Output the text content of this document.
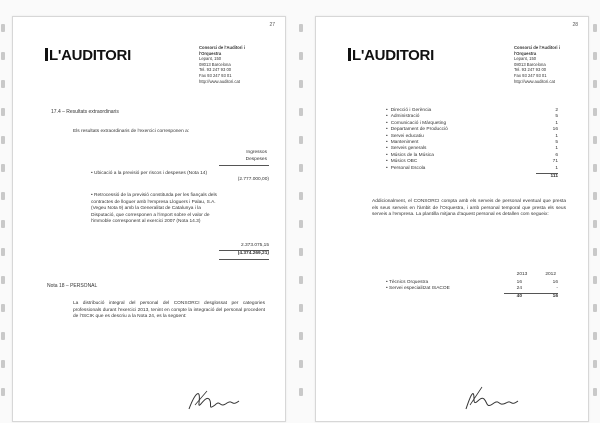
27
L'AUDITORI	Consorci de l'Auditori i
l'Orquestra
Lepant, 150
08013 Barcelona
Tel. 93 247 93 00
Fax 93 247 93 01
http://www.auditori.cat
17.4 – Resultats extraordinaris
Els resultats extraordinaris de l'exercici corresponen a:
Ingressos
Despeses
• Ubicació a la previsió per riscos i despeses (Nota 14)
(2.777.000,00)
• Retrocessió de la previsió constituïda per les fiançals dels contractes de lloguer amb l'empresa Lloguers i Palau, S.A. (Vegeu Nota 9) amb la Generalitat de Catalunya i la Disputació, que corresponen a l'import sobre el valor de l'immoble corresponent al exercici 2007 (Nota 14.3)
2.373.075,15
(4.374.269,21)
Nota 18 – PERSONAL
La distribució integral del personal del CONSORCI desglossat per categories professionals durant l'exercici 2013, tenint en compte la integració del personal procedent de l'ISCIK que es descriu a la Nota 24, es la següent:
28
L'AUDITORI	Consorci de l'Auditori i
l'Orquestra
Lepant, 150
08013 Barcelona
Tel. 93 247 93 00
Fax 93 247 93 01
http://www.auditori.cat
• Direcció i Gerència	2
• Administració	5
• Comunicació i Màrqueting	1
• Departament de Producció	16
• Servei educatiu	1
• Manteniment	5
• Serveis generals	1
• Músics de la Música	6
• Músics OBC	71
• Personal Escola	1
111
Addicionalment, el CONSORCI compta amb els serveis de personal eventual que presta els seus serveis en l'àmbit de l'Orquestra, i amb personal temporal que presta els seus serveis a l'empresa. La plantilla mitjana d'aquest personal es detallen com segueix:
2013	2012
• Tècnics Orquestra	16	16
• Servei especialitzat ISACOE	24	-
40	16
